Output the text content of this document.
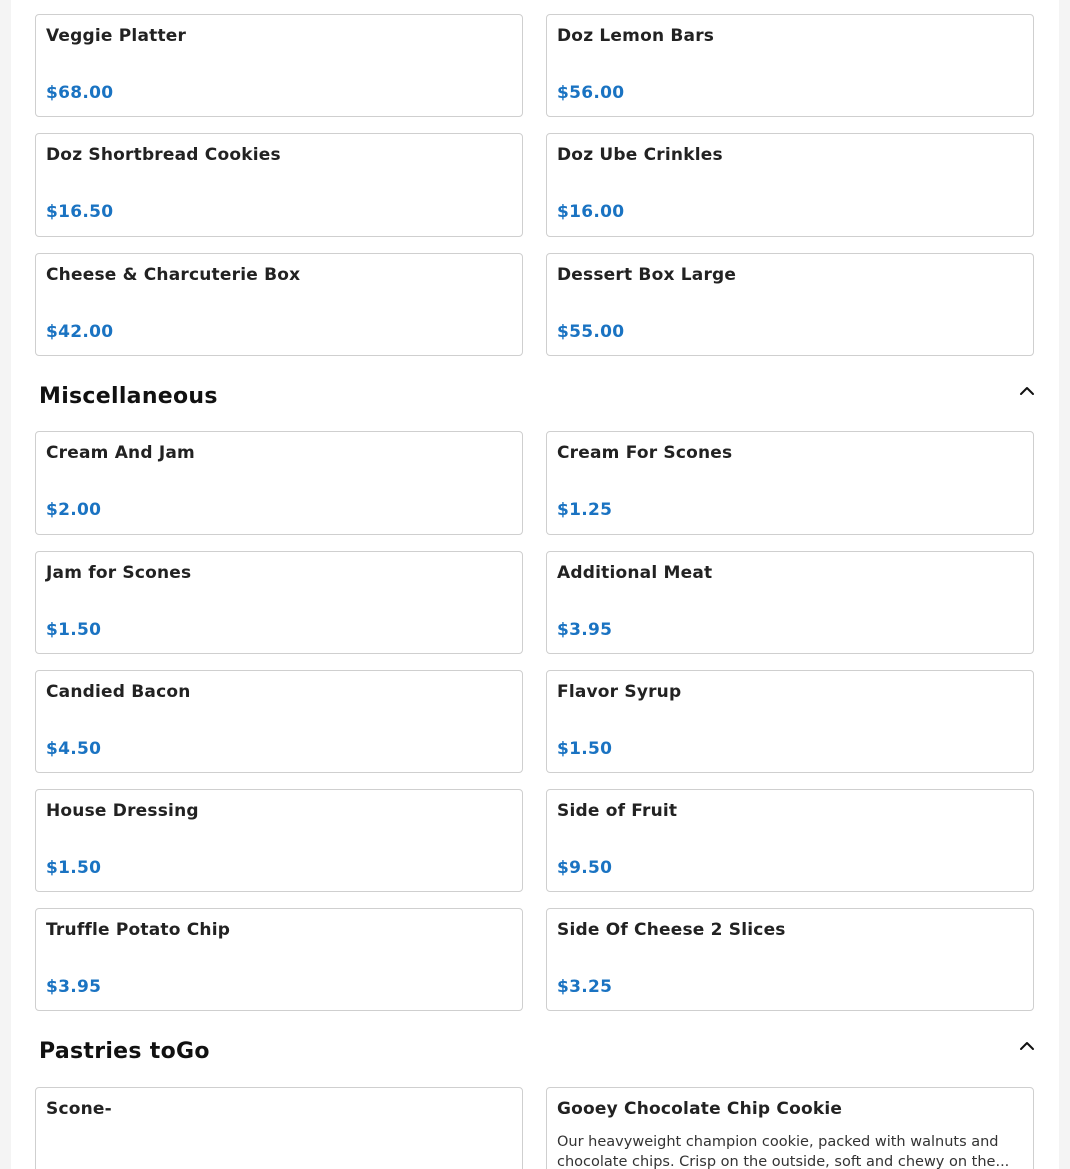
Veggie Platter
$68.00
Doz Lemon Bars
$56.00
Doz Shortbread Cookies
$16.50
Doz Ube Crinkles
$16.00
Cheese & Charcuterie Box
$42.00
Dessert Box Large
$55.00
Miscellaneous
Cream And Jam
$2.00
Cream For Scones
$1.25
Jam for Scones
$1.50
Additional Meat
$3.95
Candied Bacon
$4.50
Flavor Syrup
$1.50
House Dressing
$1.50
Side of Fruit
$9.50
Truffle Potato Chip
$3.95
Side Of Cheese 2 Slices
$3.25
Pastries toGo
Scone-	Gooey Chocolate Chip Cookie
Our heavyweight champion cookie, packed with walnuts and chocolate chips. Crisp on the outside, soft and chewy on the...
